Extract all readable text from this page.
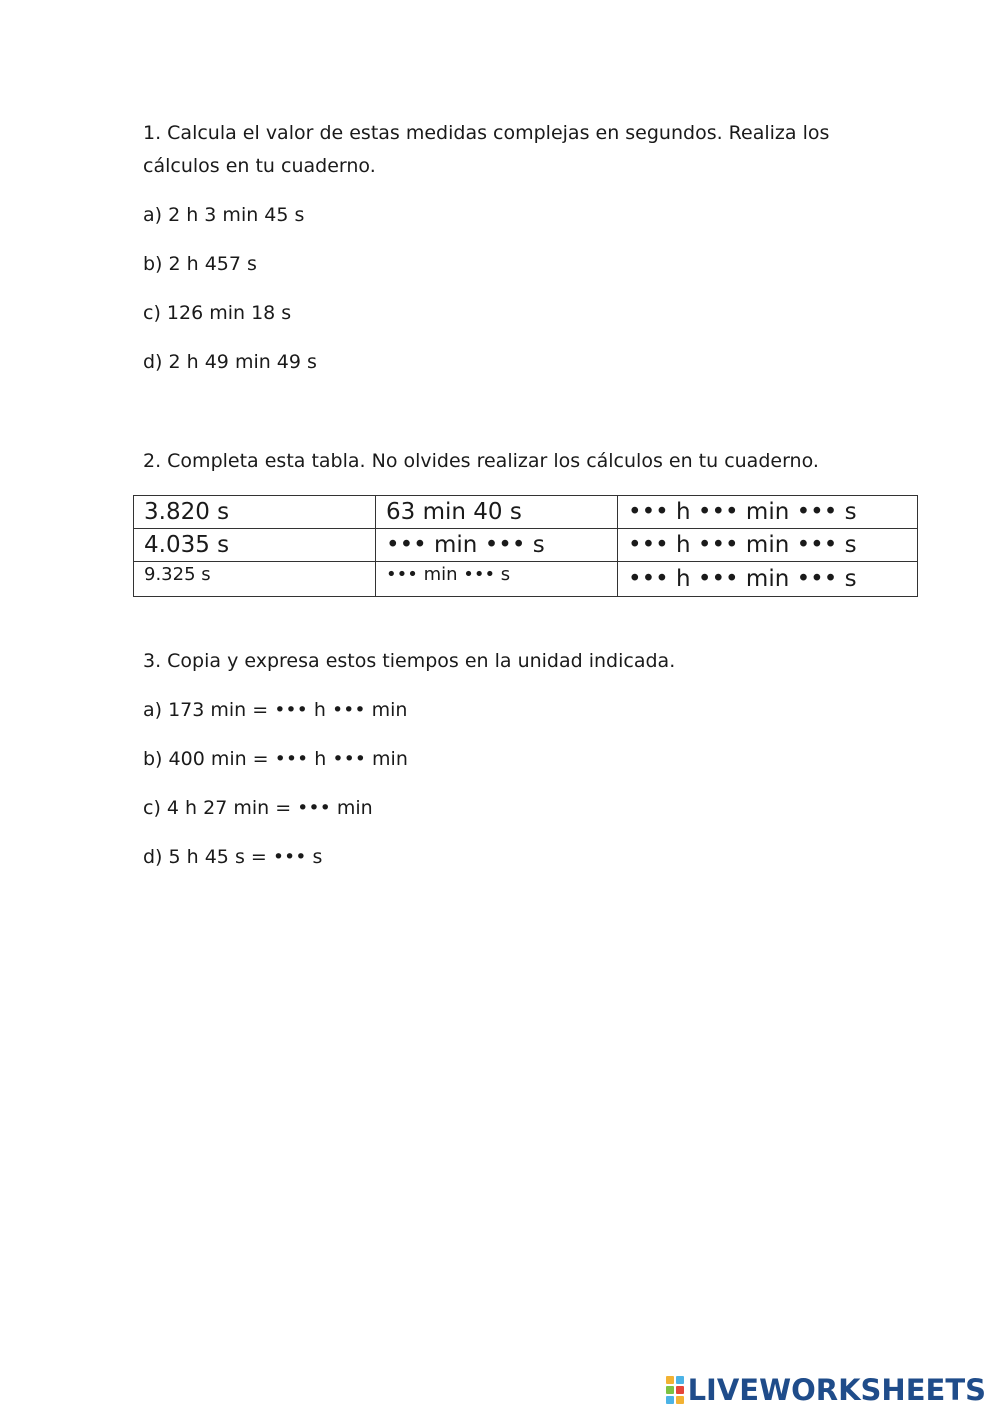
1. Calcula el valor de estas medidas complejas en segundos. Realiza los
cálculos en tu cuaderno.
a) 2 h 3 min 45 s
b) 2 h 457 s
c) 126 min 18 s
d) 2 h 49 min 49 s
2. Completa esta tabla. No olvides realizar los cálculos en tu cuaderno.
3.820 s	63 min 40 s	••• h ••• min ••• s
4.035 s	••• min ••• s	••• h ••• min ••• s
9.325 s	••• min ••• s	••• h ••• min ••• s
3. Copia y expresa estos tiempos en la unidad indicada.
a) 173 min = ••• h ••• min
b) 400 min = ••• h ••• min
c) 4 h 27 min = ••• min
d) 5 h 45 s = ••• s
LIVEWORKSHEETS
